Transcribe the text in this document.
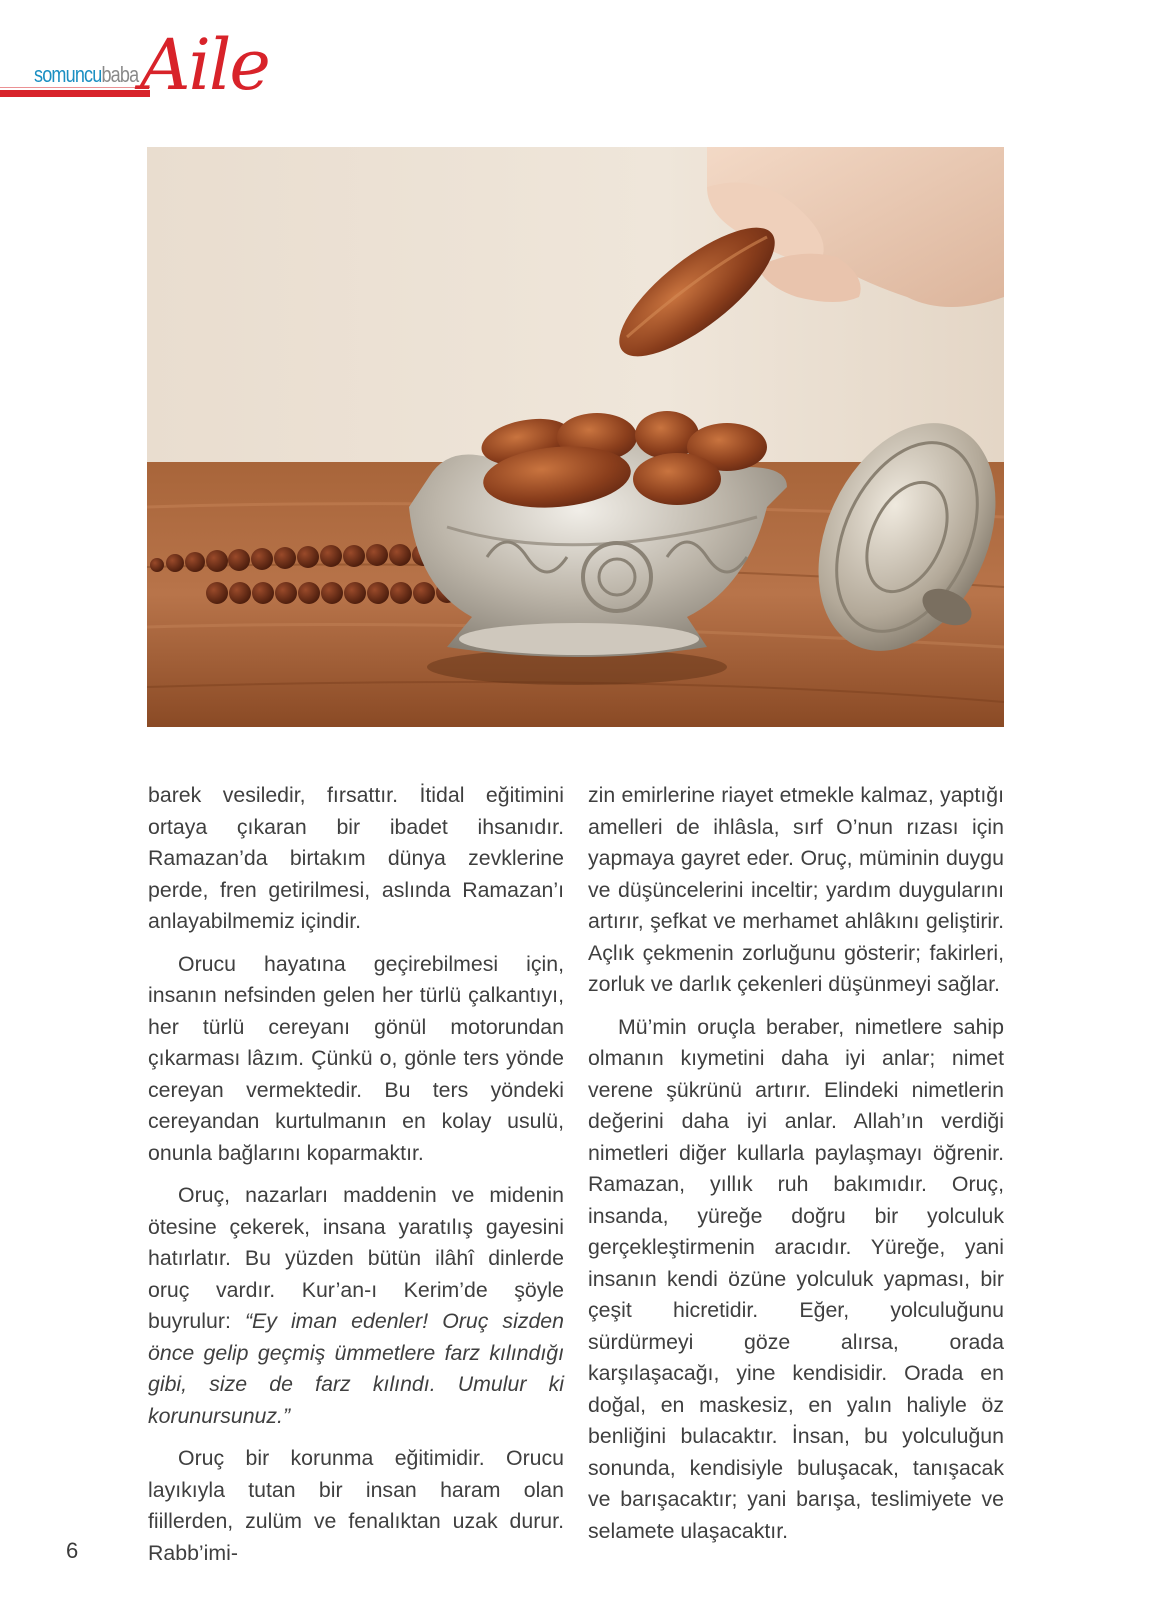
somuncubaba Aile

barek vesiledir, fırsattır. İtidal eğitimini ortaya çıkaran bir ibadet ihsanıdır. Ramazan’da birtakım dünya zevklerine perde, fren getirilmesi, aslında Ramazan’ı anlayabilmemiz içindir.

Orucu hayatına geçirebilmesi için, insanın nefsinden gelen her türlü çalkantıyı, her türlü cereyanı gönül motorundan çıkarması lâzım. Çünkü o, gönle ters yönde cereyan vermektedir. Bu ters yöndeki cereyandan kurtulmanın en kolay usulü, onunla bağlarını koparmaktır.

Oruç, nazarları maddenin ve midenin ötesine çekerek, insana yaratılış gayesini hatırlatır. Bu yüzden bütün ilâhî dinlerde oruç vardır. Kur’an-ı Kerim’de şöyle buyrulur: “Ey iman edenler! Oruç sizden önce gelip geçmiş ümmetlere farz kılındığı gibi, size de farz kılındı. Umulur ki korunursunuz.”

Oruç bir korunma eğitimidir. Orucu layıkıyla tutan bir insan haram olan fiillerden, zulüm ve fenalıktan uzak durur. Rabb’imi-

zin emirlerine riayet etmekle kalmaz, yaptığı amelleri de ihlâsla, sırf O’nun rızası için yapmaya gayret eder. Oruç, müminin duygu ve düşüncelerini inceltir; yardım duygularını artırır, şefkat ve merhamet ahlâkını geliştirir. Açlık çekmenin zorluğunu gösterir; fakirleri, zorluk ve darlık çekenleri düşünmeyi sağlar.

Mü’min oruçla beraber, nimetlere sahip olmanın kıymetini daha iyi anlar; nimet verene şükrünü artırır. Elindeki nimetlerin değerini daha iyi anlar. Allah’ın verdiği nimetleri diğer kullarla paylaşmayı öğrenir. Ramazan, yıllık ruh bakımıdır. Oruç, insanda, yüreğe doğru bir yolculuk gerçekleştirmenin aracıdır. Yüreğe, yani insanın kendi özüne yolculuk yapması, bir çeşit hicretidir. Eğer, yolculuğunu sürdürmeyi göze alırsa, orada karşılaşacağı, yine kendisidir. Orada en doğal, en maskesiz, en yalın haliyle öz benliğini bulacaktır. İnsan, bu yolculuğun sonunda, kendisiyle buluşacak, tanışacak ve barışacaktır; yani barışa, teslimiyete ve selamete ulaşacaktır.

6
